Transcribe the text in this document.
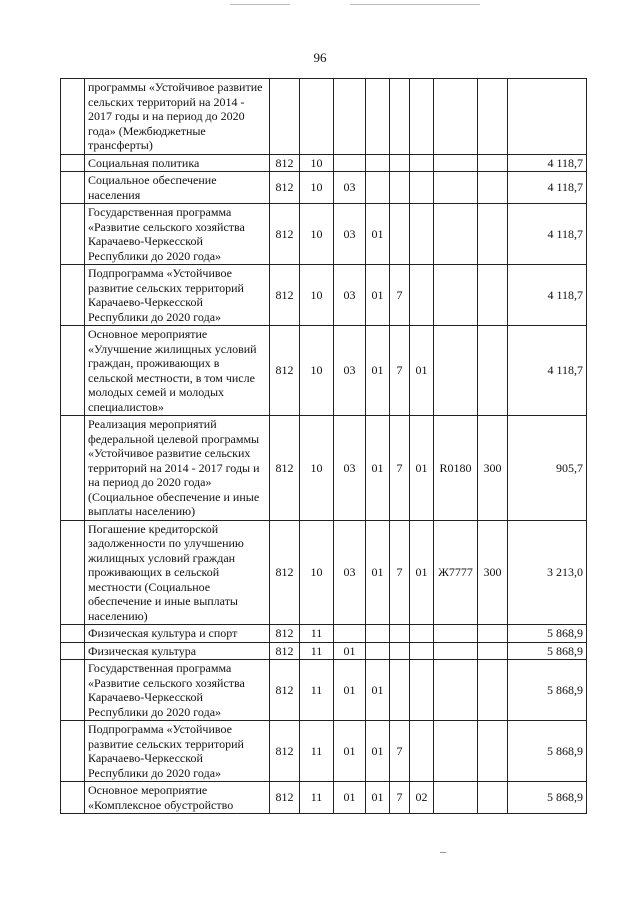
96
	программы «Устойчивое развитие сельских территорий на 2014 - 2017 годы и на период до 2020 года» (Межбюджетные трансферты)									
	Социальная политика	812	10							4 118,7
	Социальное обеспечение населения	812	10	03						4 118,7
	Государственная программа «Развитие сельского хозяйства Карачаево-Черкесской Республики до 2020 года»	812	10	03	01					4 118,7
	Подпрограмма «Устойчивое развитие сельских территорий Карачаево-Черкесской Республики до 2020 года»	812	10	03	01	7				4 118,7
	Основное мероприятие «Улучшение жилищных условий граждан, проживающих в сельской местности, в том числе молодых семей и молодых специалистов»	812	10	03	01	7	01			4 118,7
	Реализация мероприятий федеральной целевой программы «Устойчивое развитие сельских территорий на 2014 - 2017 годы и на период до 2020 года» (Социальное обеспечение и иные выплаты населению)	812	10	03	01	7	01	R0180	300	905,7
	Погашение кредиторской задолженности по улучшению жилищных условий граждан проживающих в сельской местности (Социальное обеспечение и иные выплаты населению)	812	10	03	01	7	01	Ж7777	300	3 213,0
	Физическая культура и спорт	812	11							5 868,9
	Физическая культура	812	11	01						5 868,9
	Государственная программа «Развитие сельского хозяйства Карачаево-Черкесской Республики до 2020 года»	812	11	01	01					5 868,9
	Подпрограмма «Устойчивое развитие сельских территорий Карачаево-Черкесской Республики до 2020 года»	812	11	01	01	7				5 868,9
	Основное мероприятие «Комплексное обустройство	812	11	01	01	7	02			5 868,9
